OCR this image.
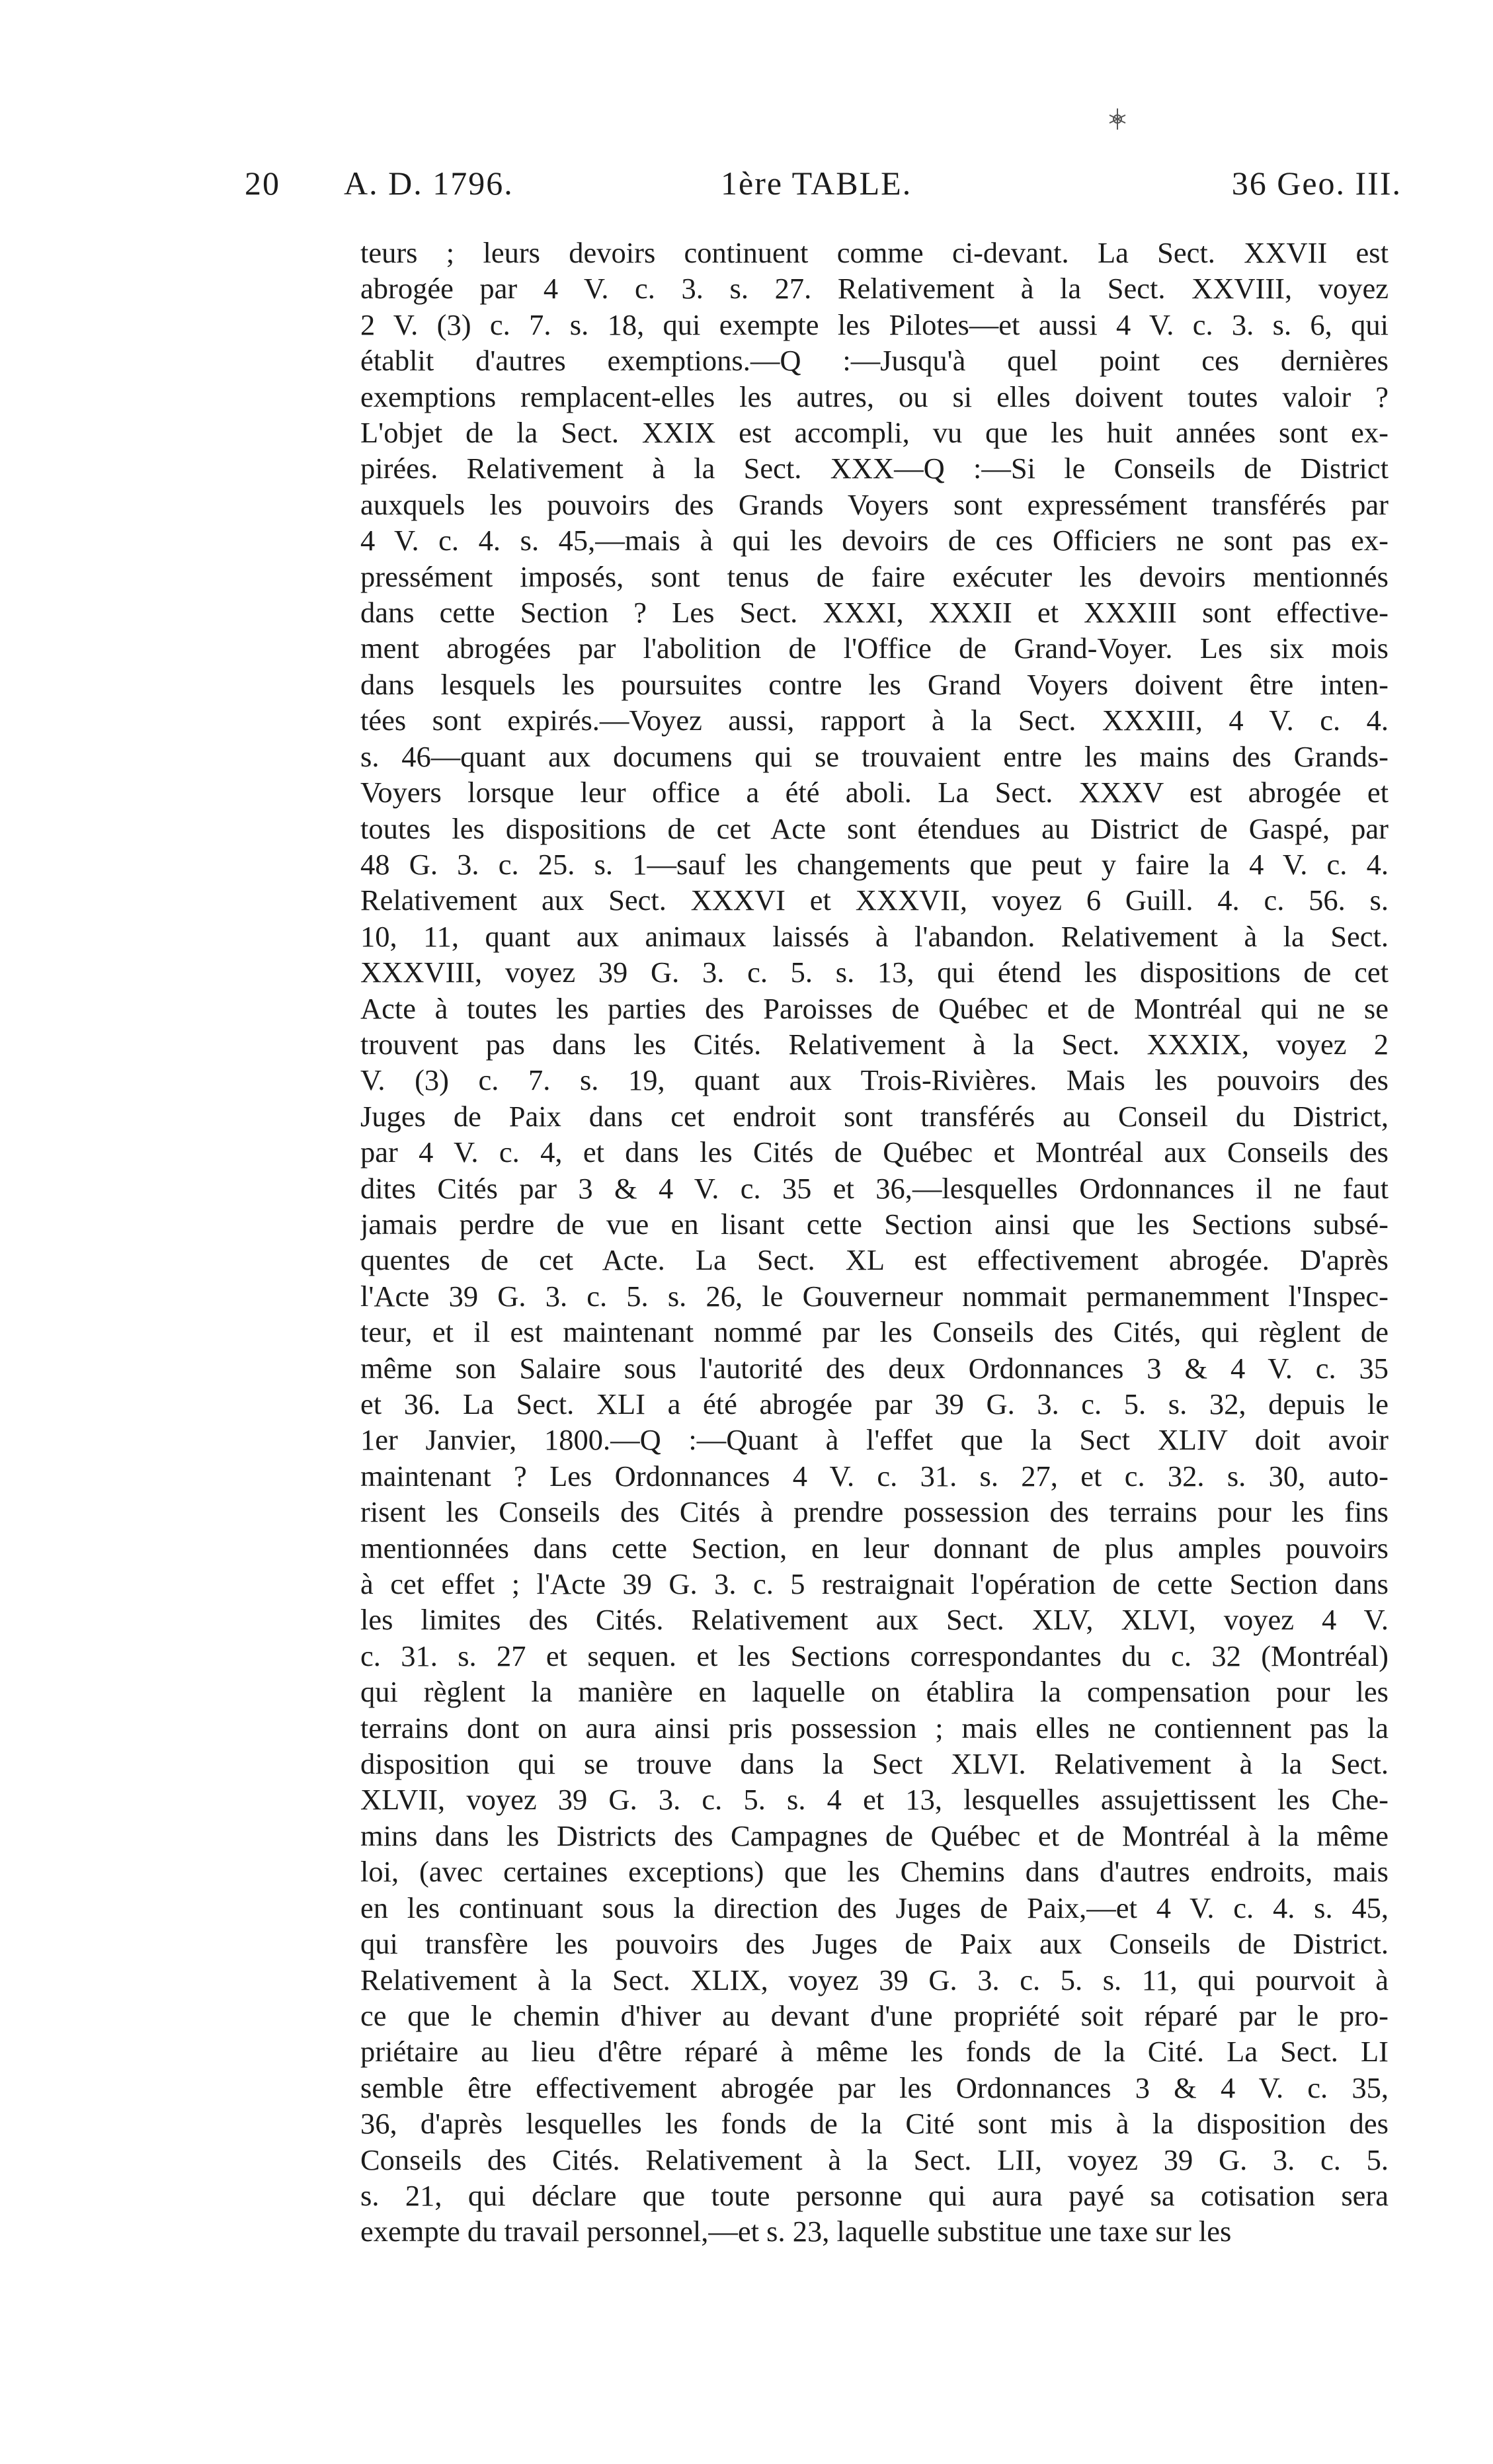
20 A. D. 1796.	1ère TABLE.	36 Geo. III.
teurs ; leurs devoirs continuent comme ci-devant. La Sect. XXVII est
abrogée par 4 V. c. 3. s. 27. Relativement à la Sect. XXVIII, voyez
2 V. (3) c. 7. s. 18, qui exempte les Pilotes—et aussi 4 V. c. 3. s. 6, qui
établit d'autres exemptions.—Q :—Jusqu'à quel point ces dernières
exemptions remplacent-elles les autres, ou si elles doivent toutes valoir ?
L'objet de la Sect. XXIX est accompli, vu que les huit années sont ex-
pirées. Relativement à la Sect. XXX—Q :—Si le Conseils de District
auxquels les pouvoirs des Grands Voyers sont expressément transférés par
4 V. c. 4. s. 45,—mais à qui les devoirs de ces Officiers ne sont pas ex-
pressément imposés, sont tenus de faire exécuter les devoirs mentionnés
dans cette Section ? Les Sect. XXXI, XXXII et XXXIII sont effective-
ment abrogées par l'abolition de l'Office de Grand-Voyer. Les six mois
dans lesquels les poursuites contre les Grand Voyers doivent être inten-
tées sont expirés.—Voyez aussi, rapport à la Sect. XXXIII, 4 V. c. 4.
s. 46—quant aux documens qui se trouvaient entre les mains des Grands-
Voyers lorsque leur office a été aboli. La Sect. XXXV est abrogée et
toutes les dispositions de cet Acte sont étendues au District de Gaspé, par
48 G. 3. c. 25. s. 1—sauf les changements que peut y faire la 4 V. c. 4.
Relativement aux Sect. XXXVI et XXXVII, voyez 6 Guill. 4. c. 56. s.
10, 11, quant aux animaux laissés à l'abandon. Relativement à la Sect.
XXXVIII, voyez 39 G. 3. c. 5. s. 13, qui étend les dispositions de cet
Acte à toutes les parties des Paroisses de Québec et de Montréal qui ne se
trouvent pas dans les Cités. Relativement à la Sect. XXXIX, voyez 2
V. (3) c. 7. s. 19, quant aux Trois-Rivières. Mais les pouvoirs des
Juges de Paix dans cet endroit sont transférés au Conseil du District,
par 4 V. c. 4, et dans les Cités de Québec et Montréal aux Conseils des
dites Cités par 3 & 4 V. c. 35 et 36,—lesquelles Ordonnances il ne faut
jamais perdre de vue en lisant cette Section ainsi que les Sections subsé-
quentes de cet Acte. La Sect. XL est effectivement abrogée. D'après
l'Acte 39 G. 3. c. 5. s. 26, le Gouverneur nommait permanemment l'Inspec-
teur, et il est maintenant nommé par les Conseils des Cités, qui règlent de
même son Salaire sous l'autorité des deux Ordonnances 3 & 4 V. c. 35
et 36. La Sect. XLI a été abrogée par 39 G. 3. c. 5. s. 32, depuis le
1er Janvier, 1800.—Q :—Quant à l'effet que la Sect XLIV doit avoir
maintenant ? Les Ordonnances 4 V. c. 31. s. 27, et c. 32. s. 30, auto-
risent les Conseils des Cités à prendre possession des terrains pour les fins
mentionnées dans cette Section, en leur donnant de plus amples pouvoirs
à cet effet ; l'Acte 39 G. 3. c. 5 restraignait l'opération de cette Section dans
les limites des Cités. Relativement aux Sect. XLV, XLVI, voyez 4 V.
c. 31. s. 27 et sequen. et les Sections correspondantes du c. 32 (Montréal)
qui règlent la manière en laquelle on établira la compensation pour les
terrains dont on aura ainsi pris possession ; mais elles ne contiennent pas la
disposition qui se trouve dans la Sect XLVI. Relativement à la Sect.
XLVII, voyez 39 G. 3. c. 5. s. 4 et 13, lesquelles assujettissent les Che-
mins dans les Districts des Campagnes de Québec et de Montréal à la même
loi, (avec certaines exceptions) que les Chemins dans d'autres endroits, mais
en les continuant sous la direction des Juges de Paix,—et 4 V. c. 4. s. 45,
qui transfère les pouvoirs des Juges de Paix aux Conseils de District.
Relativement à la Sect. XLIX, voyez 39 G. 3. c. 5. s. 11, qui pourvoit à
ce que le chemin d'hiver au devant d'une propriété soit réparé par le pro-
priétaire au lieu d'être réparé à même les fonds de la Cité. La Sect. LI
semble être effectivement abrogée par les Ordonnances 3 & 4 V. c. 35,
36, d'après lesquelles les fonds de la Cité sont mis à la disposition des
Conseils des Cités. Relativement à la Sect. LII, voyez 39 G. 3. c. 5.
s. 21, qui déclare que toute personne qui aura payé sa cotisation sera
exempte du travail personnel,—et s. 23, laquelle substitue une taxe sur les
